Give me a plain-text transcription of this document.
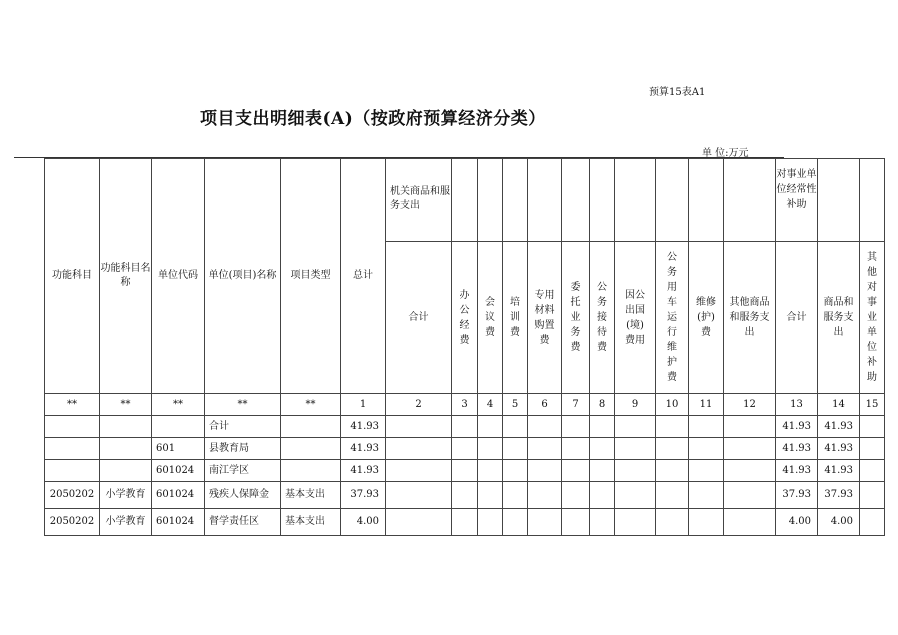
预算15表A1
项目支出明细表(A)（按政府预算经济分类）
单 位:万元
功能科目	功能科目名称	单位代码	单位(项目)名称	项目类型	总计	机关商品和服务支出											对事业单位经常性补助		
						合计	办公经费	会议费	培训费	专用材料购置费	委托业务费	公务接待费	因公出国(境)费用	公务用车运行维护费	维修(护)费	其他商品和服务支出	合计	商品和服务支出	其他对事业单位补助
**	**	**	**	**	1	2	3	4	5	6	7	8	9	10	11	12	13	14	15
			合计		41.93												41.93	41.93	
		601	县教育局		41.93												41.93	41.93	
		601024	南江学区		41.93												41.93	41.93	
2050202	小学教育	601024	残疾人保障金	基本支出	37.93												37.93	37.93	
2050202	小学教育	601024	督学责任区	基本支出	4.00												4.00	4.00	
